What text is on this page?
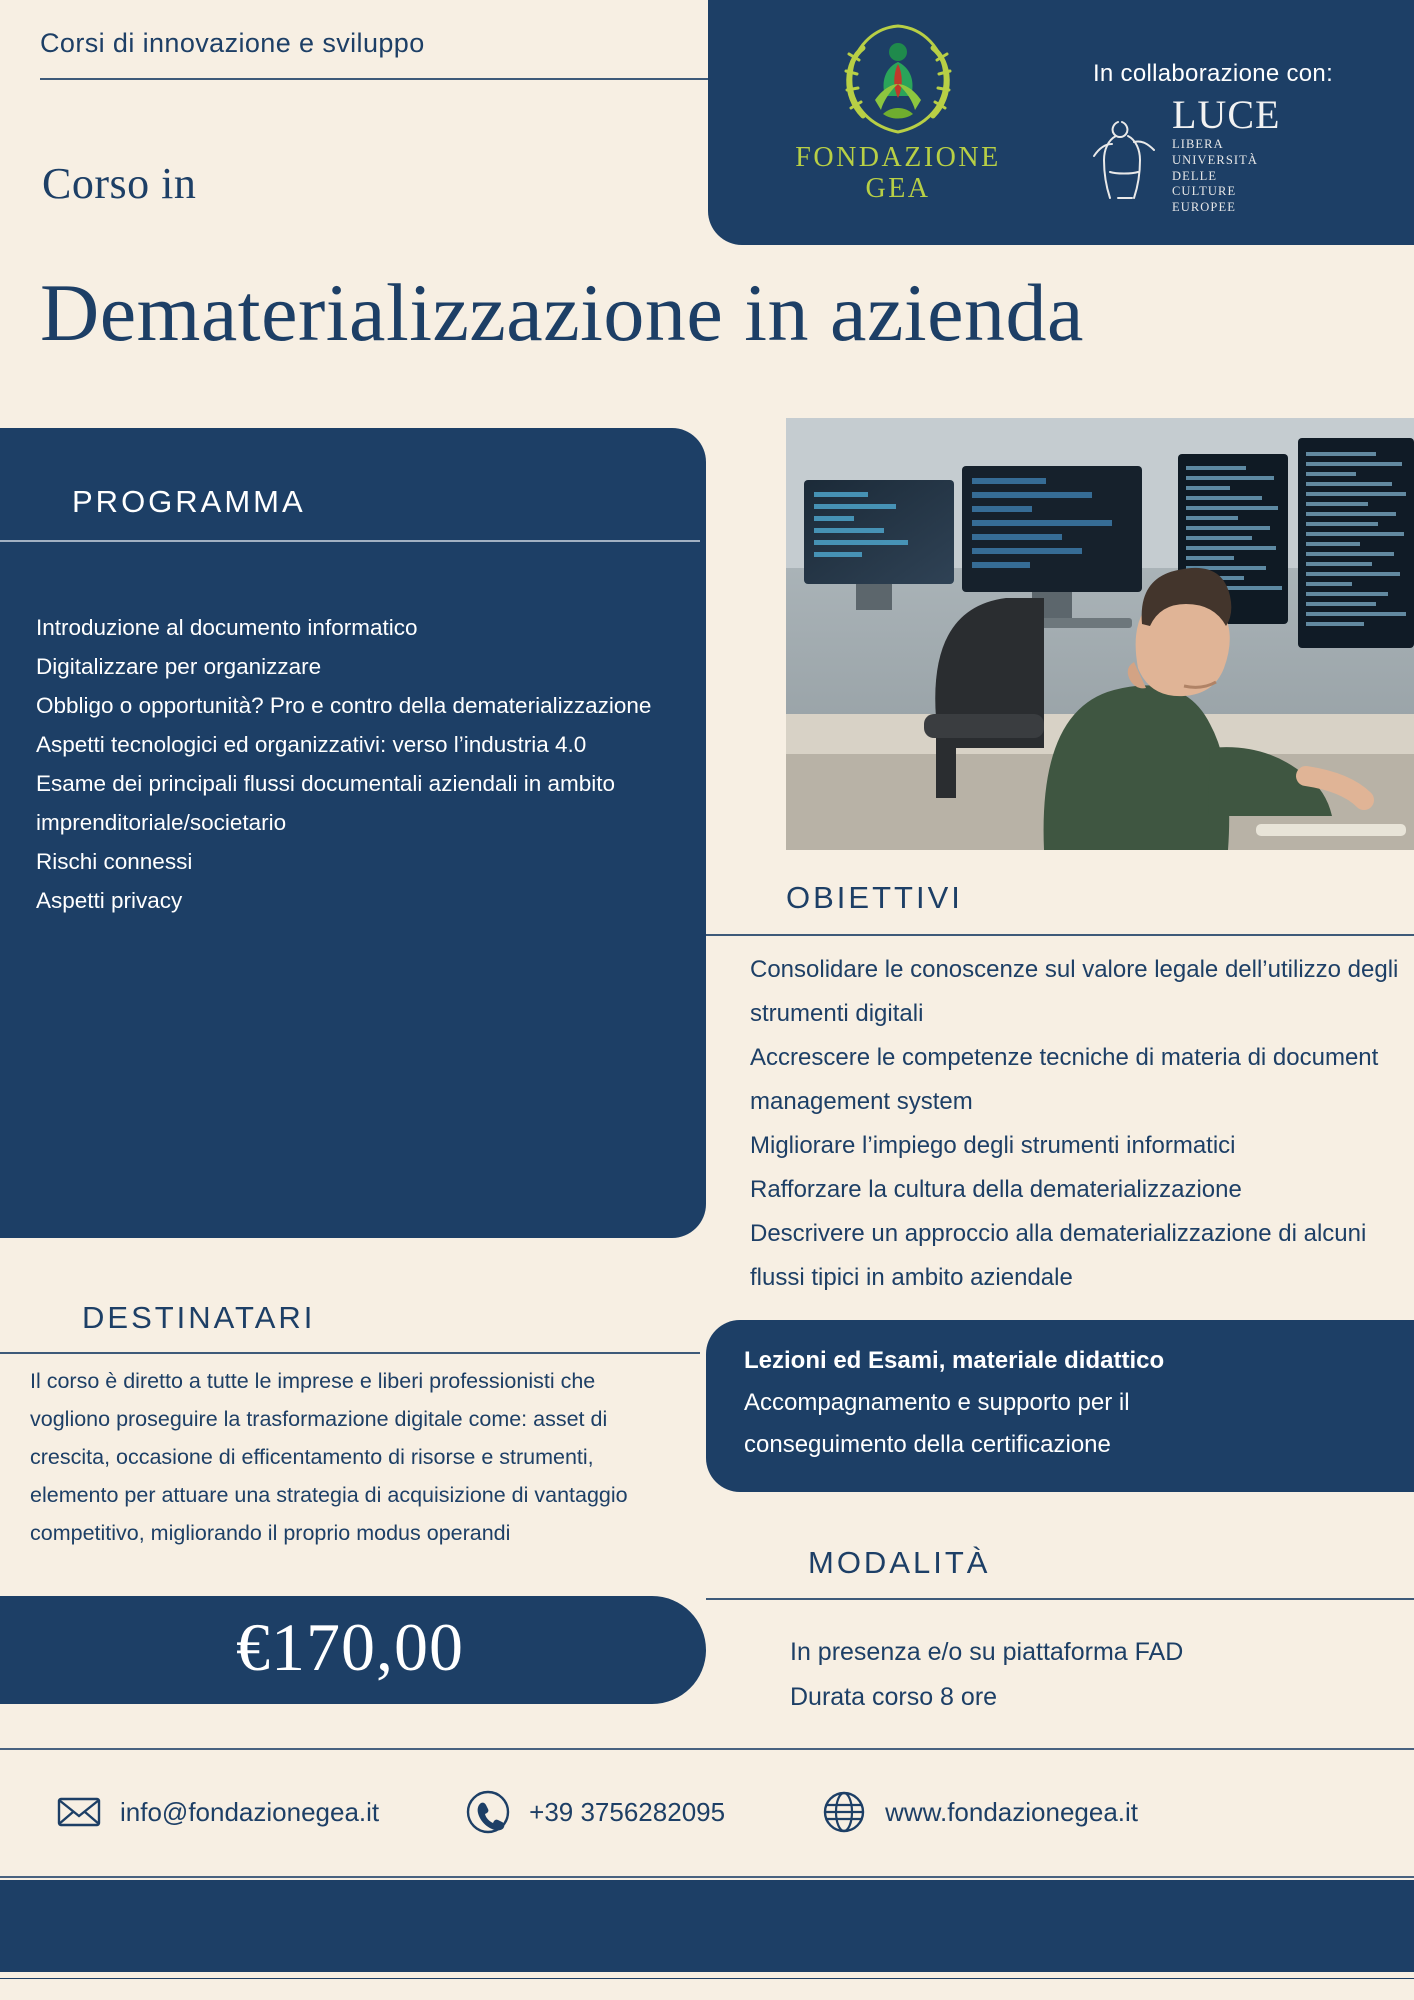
FONDAZIONE
GEA
In collaborazione con:
LUCE
LIBERA
UNIVERSITÀ
DELLE
CULTURE
EUROPEE
Corsi di innovazione e sviluppo
Corso in
Dematerializzazione in azienda
PROGRAMMA
Introduzione al documento informatico
Digitalizzare per organizzare
Obbligo o opportunità? Pro e contro della dematerializzazione
Aspetti tecnologici ed organizzativi: verso l’industria 4.0
Esame dei principali flussi documentali aziendali in ambito imprenditoriale/societario
Rischi connessi
Aspetti privacy	OBIETTIVI
Consolidare le conoscenze sul valore legale dell’utilizzo degli strumenti digitali
Accrescere le competenze tecniche di materia di document management system
Migliorare l’impiego degli strumenti informatici
Rafforzare la cultura della dematerializzazione
Descrivere un approccio alla dematerializzazione di alcuni flussi tipici in ambito aziendale
Lezioni ed Esami, materiale didattico
Accompagnamento e supporto per il
conseguimento della certificazione
DESTINATARI
Il corso è diretto a tutte le imprese e liberi professionisti che vogliono proseguire la trasformazione digitale come: asset di crescita, occasione di efficentamento di risorse e strumenti, elemento per attuare una strategia di acquisizione di vantaggio competitivo, migliorando il proprio modus operandi
MODALITÀ
In presenza e/o su piattaforma FAD
Durata corso 8 ore
€170,00
info@fondazionegea.it	+39 3756282095	www.fondazionegea.it
